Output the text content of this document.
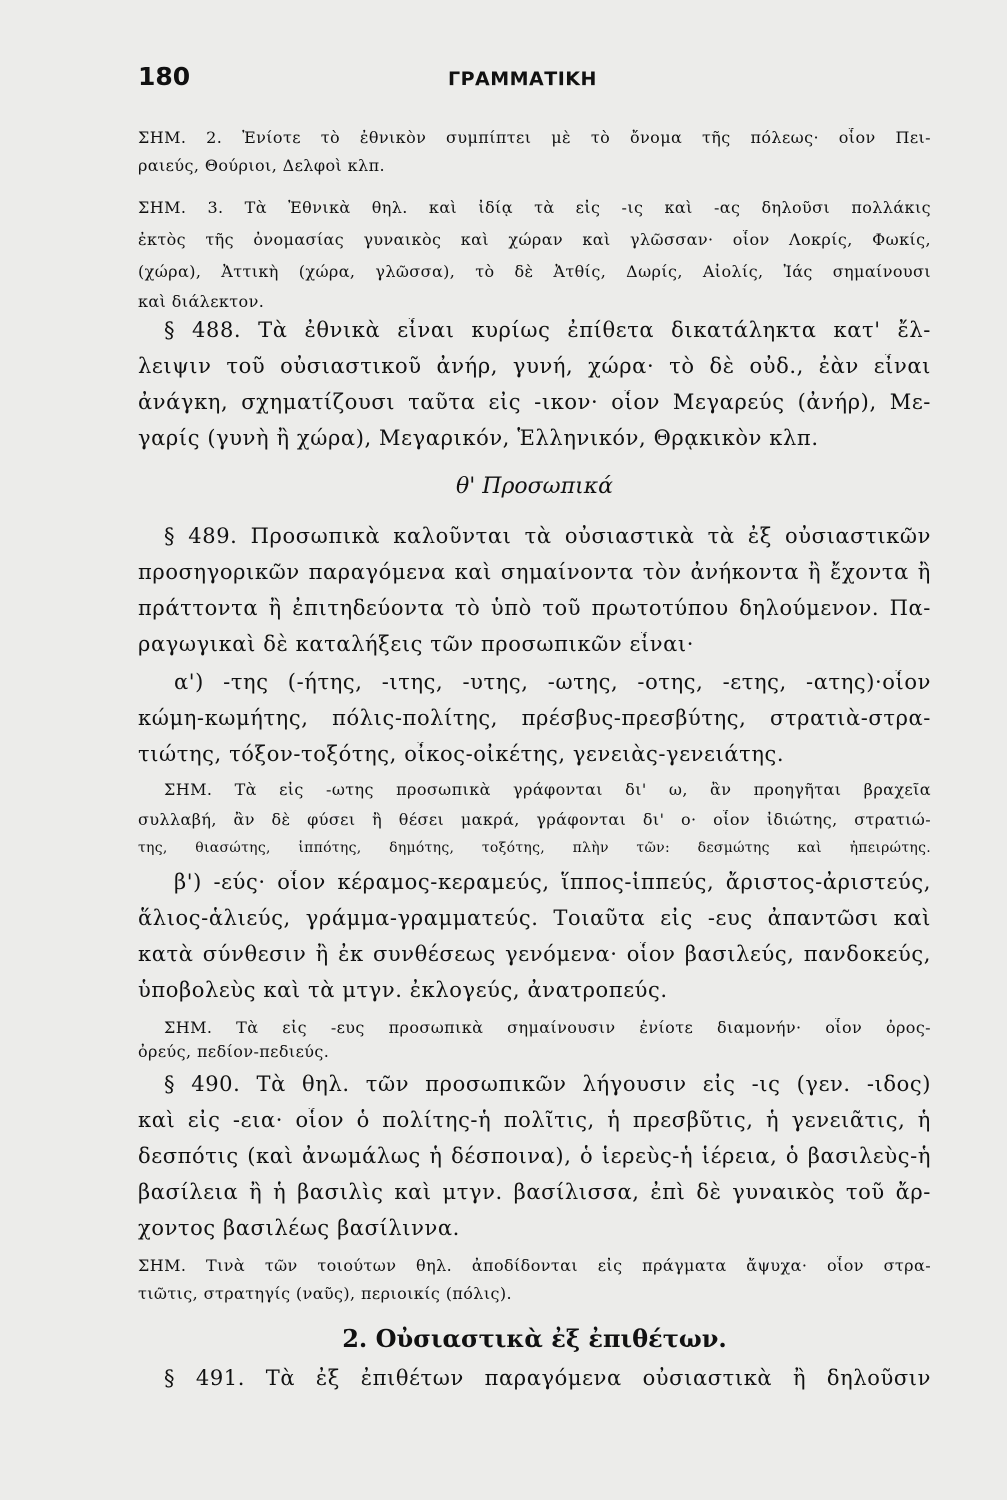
180	ΓΡΑΜΜΑΤΙΚΗ
ΣΗΜ. 2. Ἐνίοτε τὸ ἐθνικὸν συμπίπτει μὲ τὸ ὄνομα τῆς πόλεως· οἷον Πει-
ραιεύς, Θούριοι, Δελφοὶ κλπ.
ΣΗΜ. 3. Τὰ Ἐθνικὰ θηλ. καὶ ἰδίᾳ τὰ εἰς -ις καὶ -ας δηλοῦσι πολλάκις
ἐκτὸς τῆς ὀνομασίας γυναικὸς καὶ χώραν καὶ γλῶσσαν· οἷον Λοκρίς, Φωκίς,
(χώρα), Ἀττικὴ (χώρα, γλῶσσα), τὸ δὲ Ἀτθίς, Δωρίς, Αἰολίς, Ἰάς σημαίνουσι
καὶ διάλεκτον.
§ 488. Τὰ ἐθνικὰ εἶναι κυρίως ἐπίθετα δικατάληκτα κατ' ἔλ-
λειψιν τοῦ οὐσιαστικοῦ ἀνήρ, γυνή, χώρα· τὸ δὲ οὐδ., ἐὰν εἶναι
ἀνάγκη, σχηματίζουσι ταῦτα εἰς -ικον· οἷον Μεγαρεύς (ἀνήρ), Με-
γαρίς (γυνὴ ἢ χώρα), Μεγαρικόν, Ἑλληνικόν, Θρᾳκικὸν κλπ.
θ' Προσωπικά
§ 489. Προσωπικὰ καλοῦνται τὰ οὐσιαστικὰ τὰ ἐξ οὐσιαστικῶν
προσηγορικῶν παραγόμενα καὶ σημαίνοντα τὸν ἀνήκοντα ἢ ἔχοντα ἢ
πράττοντα ἢ ἐπιτηδεύοντα τὸ ὑπὸ τοῦ πρωτοτύπου δηλούμενον. Πα-
ραγωγικαὶ δὲ καταλήξεις τῶν προσωπικῶν εἶναι·
α') -της (-ήτης, -ιτης, -υτης, -ωτης, -οτης, -ετης, -ατης)·οἷον
κώμη-κωμήτης, πόλις-πολίτης, πρέσβυς-πρεσβύτης, στρατιὰ-στρα-
τιώτης, τόξον-τοξότης, οἶκος-οἰκέτης, γενειὰς-γενειάτης.
ΣΗΜ. Τὰ εἰς -ωτης προσωπικὰ γράφονται δι' ω, ἂν προηγῆται βραχεῖα
συλλαβή, ἂν δὲ φύσει ἢ θέσει μακρά, γράφονται δι' ο· οἷον ἰδιώτης, στρατιώ-
της, θιασώτης, ἱππότης, δημότης, τοξότης, πλὴν τῶν: δεσμώτης καὶ ἠπειρώτης.
β') -εύς· οἷον κέραμος-κεραμεύς, ἵππος-ἱππεύς, ἄριστος-ἀριστεύς,
ἅλιος-ἁλιεύς, γράμμα-γραμματεύς. Τοιαῦτα εἰς -ευς ἀπαντῶσι καὶ
κατὰ σύνθεσιν ἢ ἐκ συνθέσεως γενόμενα· οἷον βασιλεύς, πανδοκεύς,
ὑποβολεὺς καὶ τὰ μτγν. ἐκλογεύς, ἀνατροπεύς.
ΣΗΜ. Τὰ εἰς -ευς προσωπικὰ σημαίνουσιν ἐνίοτε διαμονήν· οἷον ὀρος-
ὀρεύς, πεδίον-πεδιεύς.
§ 490. Τὰ θηλ. τῶν προσωπικῶν λήγουσιν εἰς -ις (γεν. -ιδος)
καὶ εἰς -εια· οἷον ὁ πολίτης-ἡ πολῖτις, ἡ πρεσβῦτις, ἡ γενειᾶτις, ἡ
δεσπότις (καὶ ἀνωμάλως ἡ δέσποινα), ὁ ἱερεὺς-ἡ ἱέρεια, ὁ βασιλεὺς-ἡ
βασίλεια ἢ ἡ βασιλὶς καὶ μτγν. βασίλισσα, ἐπὶ δὲ γυναικὸς τοῦ ἄρ-
χοντος βασιλέως βασίλιννα.
ΣΗΜ. Τινὰ τῶν τοιούτων θηλ. ἀποδίδονται εἰς πράγματα ἄψυχα· οἷον στρα-
τιῶτις, στρατηγίς (ναῦς), περιοικίς (πόλις).
2. Οὐσιαστικὰ ἐξ ἐπιθέτων.
§ 491. Τὰ ἐξ ἐπιθέτων παραγόμενα οὐσιαστικὰ ἢ δηλοῦσιν
